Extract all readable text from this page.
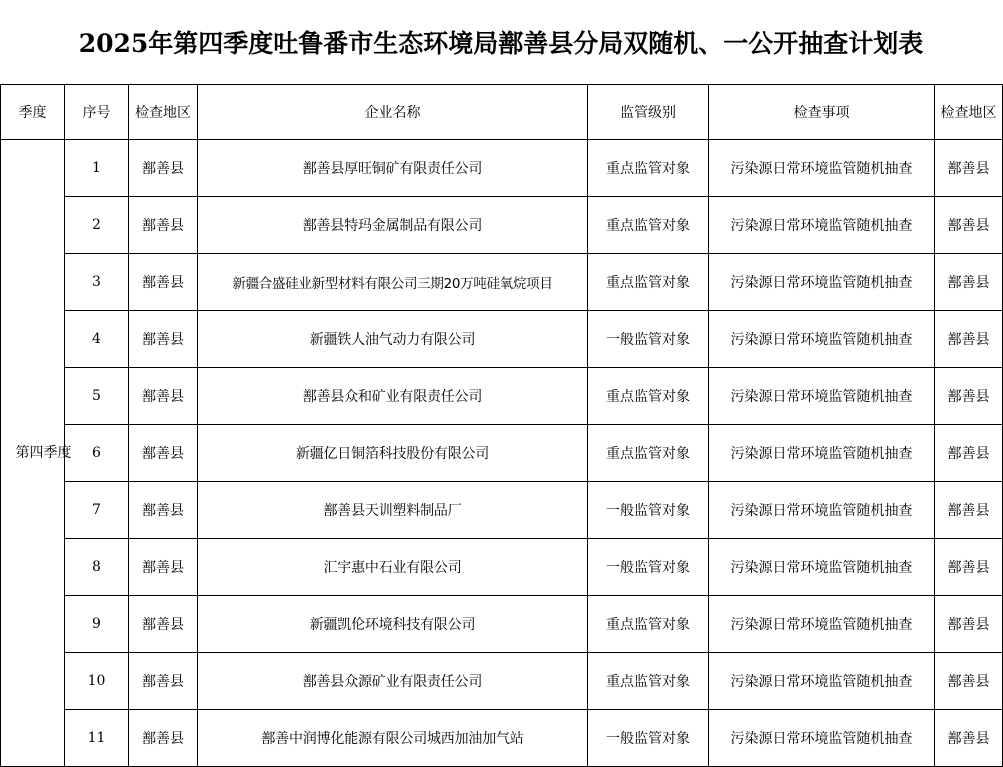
2025年第四季度吐鲁番市生态环境局鄯善县分局双随机、一公开抽查计划表
季度	序号	检查地区	企业名称	监管级别	检查事项	检查地区
第四季度	1	鄯善县	鄯善县厚旺铜矿有限责任公司	重点监管对象	污染源日常环境监管随机抽查	鄯善县
	2	鄯善县	鄯善县特玛金属制品有限公司	重点监管对象	污染源日常环境监管随机抽查	鄯善县
	3	鄯善县	新疆合盛硅业新型材料有限公司三期20万吨硅氧烷项目	重点监管对象	污染源日常环境监管随机抽查	鄯善县
	4	鄯善县	新疆铁人油气动力有限公司	一般监管对象	污染源日常环境监管随机抽查	鄯善县
	5	鄯善县	鄯善县众和矿业有限责任公司	重点监管对象	污染源日常环境监管随机抽查	鄯善县
	6	鄯善县	新疆亿日铜箔科技股份有限公司	重点监管对象	污染源日常环境监管随机抽查	鄯善县
	7	鄯善县	鄯善县天训塑料制品厂	一般监管对象	污染源日常环境监管随机抽查	鄯善县
	8	鄯善县	汇宇惠中石业有限公司	一般监管对象	污染源日常环境监管随机抽查	鄯善县
	9	鄯善县	新疆凯伦环境科技有限公司	重点监管对象	污染源日常环境监管随机抽查	鄯善县
	10	鄯善县	鄯善县众源矿业有限责任公司	重点监管对象	污染源日常环境监管随机抽查	鄯善县
	11	鄯善县	鄯善中润博化能源有限公司城西加油加气站	一般监管对象	污染源日常环境监管随机抽查	鄯善县
